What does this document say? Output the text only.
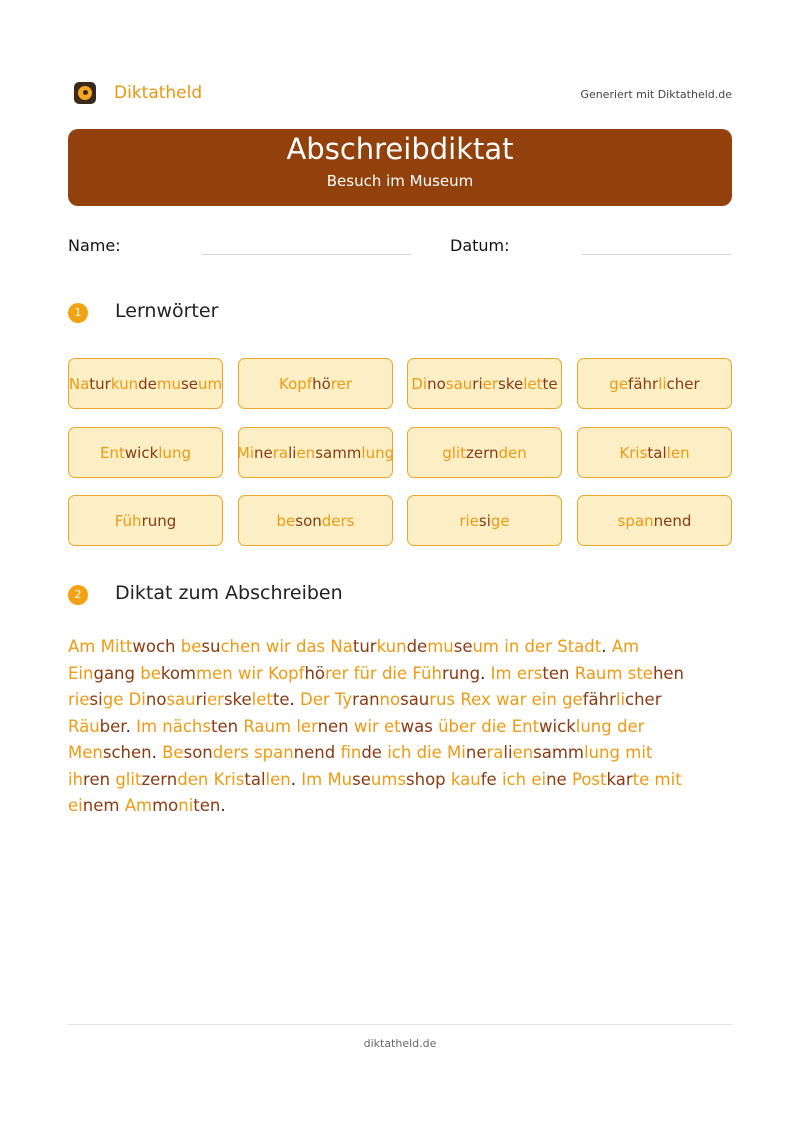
Diktatheld	Generiert mit Diktatheld.de
Abschreibdiktat
Besuch im Museum
Name:	Datum:
1	Lernwörter
Na tur kun de mu se um	Kopf hö rer	Di no sau ri er ske let te	ge fähr li cher
Ent wick lung	Mi ne ra li en samm lung	glit zern den	Kris tal len
Füh rung	be son ders	rie si ge	span nend
2	Diktat zum Abschreiben
Am Mittwoch besuchen wir das Naturkundemuseum in der Stadt. Am
Eingang bekommen wir Kopfhörer für die Führung. Im ersten Raum stehen
riesige Dinosaurierskelette. Der Tyrannosaurus Rex war ein gefährlicher
Räuber. Im nächsten Raum lernen wir etwas über die Entwicklung der
Menschen. Besonders spannend finde ich die Mineraliensammlung mit
ihren glitzernden Kristallen. Im Museumsshop kaufe ich eine Postkarte mit
einem Ammoniten.
diktatheld.de
